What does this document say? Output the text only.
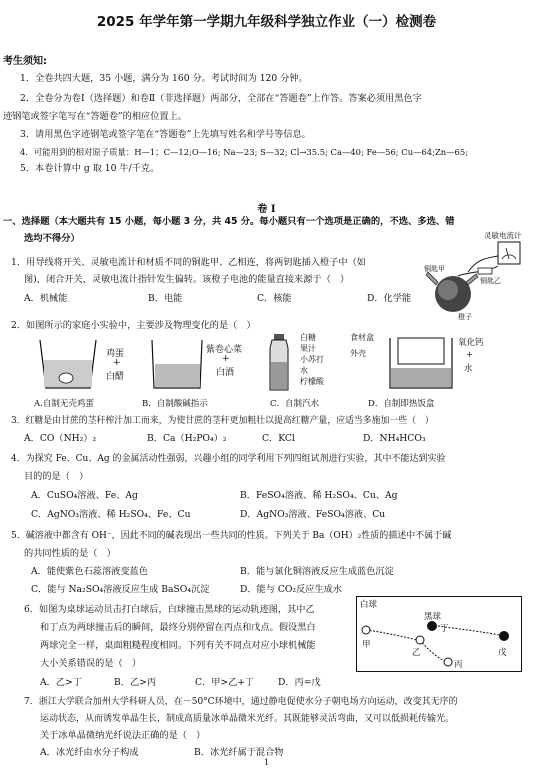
2025 年学年第一学期九年级科学独立作业（一）检测卷
考生须知:
1．全卷共四大题，35 小题，满分为 160 分。考试时间为 120 分钟。
2．全卷分为卷Ⅰ（选择题）和卷Ⅱ（非选择题）两部分，全部在“答题卷”上作答。答案必须用黑色字
迹钢笔或签字笔写在“答题卷”的相应位置上。
3．请用黑色字迹钢笔或签字笔在“答题卷”上先填写姓名和学号等信息。
4．可能用到的相对原子质量：H—1；C—12;O—16; Na—23; S—32; Cl→35.5; Ca—40; Fe—56; Cu—64;Zn—65;
5．本卷计算中 g 取 10 牛/千克。
卷 Ⅰ
一、选择题（本大题共有 15 小题，每小题 3 分，共 45 分。每小题只有一个选项是正确的，不选、多选、错
选均不得分）
1．用导线将开关、灵敏电流计和材质不同的铜匙甲、乙相连，将两钥匙插入橙子中（如
图)，闭合开关，灵敏电流计指针发生偏转。该橙子电池的能量直接来源于（　）
A．机械能	B．电能	C．核能	D．化学能
灵敏电流计
铜匙甲
铜匙乙
橙子
2．如图所示的家庭小实验中，主要涉及物理变化的是（　）
鸡蛋
+
白醋
紫卷心菜
+
白酒
白糖
果汁
小苏打
水
柠檬酸
食材盒
外壳
氧化钙
+
水
A.自制无壳鸡蛋	B．自制酸碱指示	C．自制汽水	D．自制即热饭盒
3．红糖是由甘蔗的茎秆榨汁加工而来，为使甘蔗的茎秆更加粗壮以提高红糖产量，应适当多施加一些（　）
A．CO（NH₂）₂	B．Ca（H₂PO₄）₂	C．KCl	D．NH₄HCO₃
4．为探究 Fe、Cu、Ag 的金属活动性强弱，兴趣小组的同学利用下列四组试剂进行实验，其中不能达到实验
目的的是（　）
A．CuSO₄溶液、Fe、Ag	B．FeSO₄溶液、稀 H₂SO₄、Cu、Ag
C．AgNO₃溶液、稀 H₂SO₄、Fe、Cu	D．AgNO₃溶液、FeSO₄溶液、Cu
5．碱溶液中都含有 OH⁻，因此不同的碱表现出一些共同的性质。下列关于 Ba（OH）₂性质的描述中不属于碱
的共同性质的是（　）
A．能使紫色石蕊溶液变蓝色	B．能与氯化铜溶液反应生成蓝色沉淀
C．能与 Na₂SO₄溶液反应生成 BaSO₄沉淀	D．能与 CO₂反应生成水
6．如图为桌球运动员击打白球后，白球撞击黑球的运动轨迹图，其中乙
和丁点为两球撞击后的瞬间，最终分别停留在丙点和戊点。假设黑白
两球完全一样，桌面粗糙程度相同。下列有关不同点对应小球机械能
大小关系错误的是（　）
A．乙>丁	B．乙>丙	C．甲>乙+丁	D．丙=戊
白球
黑球
甲
乙
丙
丁
戊
7．浙江大学联合加州大学科研人员，在－50°C环境中，通过静电促使水分子朝电场方向运动，改变其无序的
运动状态，从而诱发单晶生长，制成高质量冰单晶微米光纤。其既能够灵活弯曲，又可以低损耗传输光。
关于冰单晶微纳光纤说法正确的是（　）
A．冰光纤由水分子构成	B．冰光纤属于混合物
1
